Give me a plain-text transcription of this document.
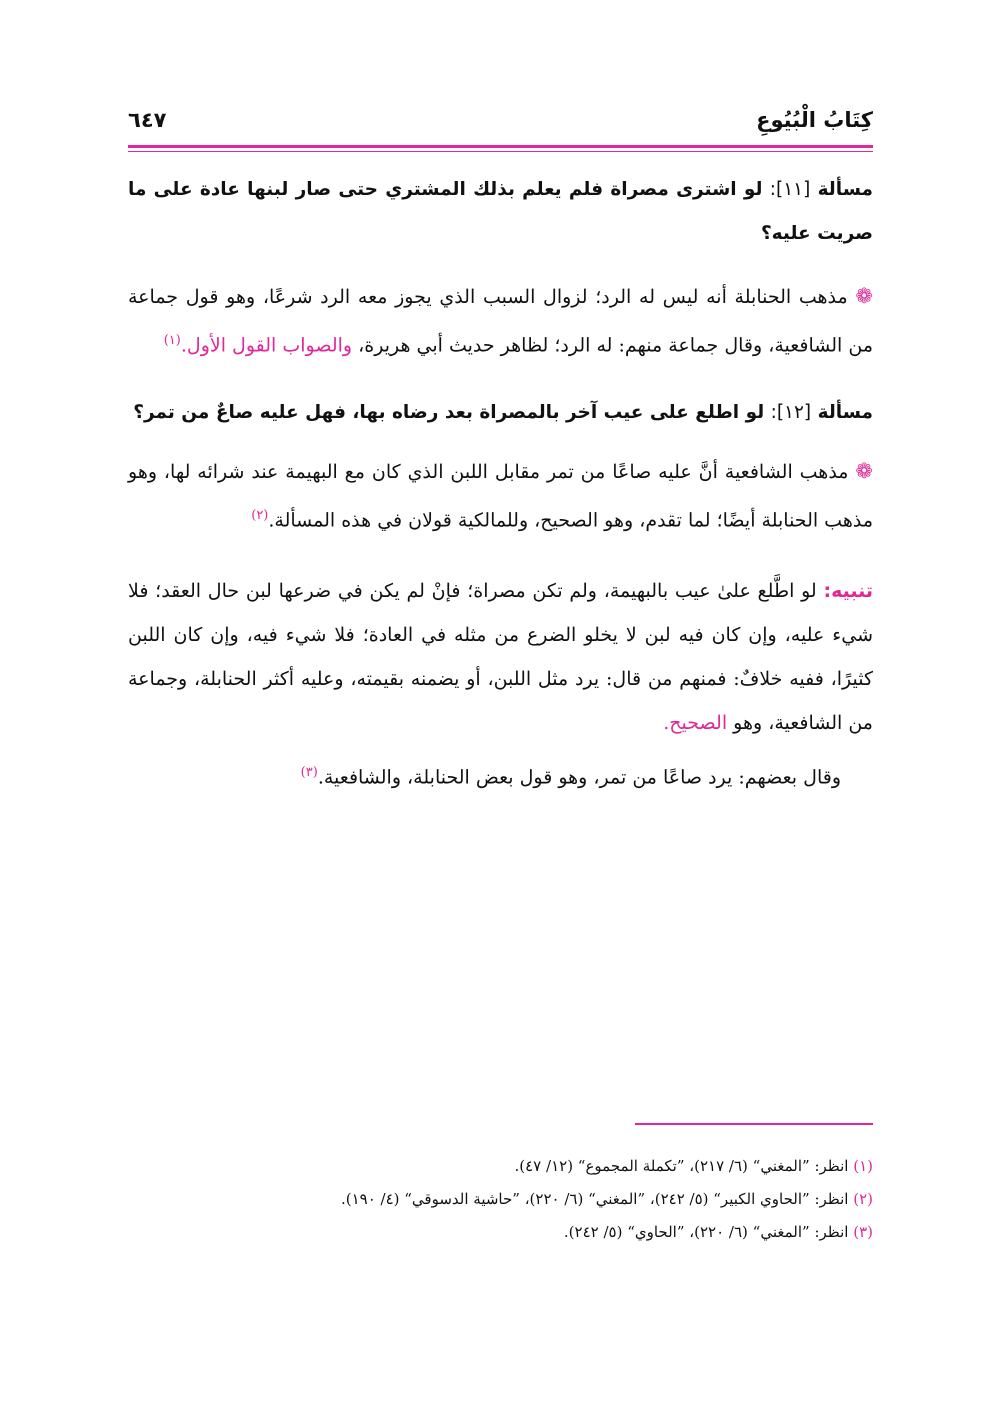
كِتَابُ الْبُيُوعِ
٦٤٧

مسألة [١١]: لو اشترى مصراة فلم يعلم بذلك المشتري حتى صار لبنها عادة على ما صريت عليه؟

❁ مذهب الحنابلة أنه ليس له الرد؛ لزوال السبب الذي يجوز معه الرد شرعًا، وهو قول جماعة من الشافعية، وقال جماعة منهم: له الرد؛ لظاهر حديث أبي هريرة، والصواب القول الأول.$^{(١)}$

مسألة [١٢]: لو اطلع على عيب آخر بالمصراة بعد رضاه بها، فهل عليه صاعٌ من تمر؟

❁ مذهب الشافعية أنَّ عليه صاعًا من تمر مقابل اللبن الذي كان مع البهيمة عند شرائه لها، وهو مذهب الحنابلة أيضًا؛ لما تقدم، وهو الصحيح، وللمالكية قولان في هذه المسألة.$^{(٢)}$

تنبيه: لو اطَّلع علىٰ عيب بالبهيمة، ولم تكن مصراة؛ فإنْ لم يكن في ضرعها لبن حال العقد؛ فلا شيء عليه، وإن كان فيه لبن لا يخلو الضرع من مثله في العادة؛ فلا شيء فيه، وإن كان اللبن كثيرًا، ففيه خلافٌ: فمنهم من قال: يرد مثل اللبن، أو يضمنه بقيمته، وعليه أكثر الحنابلة، وجماعة من الشافعية، وهو الصحيح.

وقال بعضهم: يرد صاعًا من تمر، وهو قول بعض الحنابلة، والشافعية.$^{(٣)}$

(١) انظر: ”المغني“ (٦/ ٢١٧)، ”تكملة المجموع“ (١٢/ ٤٧).

(٢) انظر: ”الحاوي الكبير“ (٥/ ٢٤٢)، ”المغني“ (٦/ ٢٢٠)، ”حاشية الدسوقي“ (٤/ ١٩٠).

(٣) انظر: ”المغني“ (٦/ ٢٢٠)، ”الحاوي“ (٥/ ٢٤٢).
